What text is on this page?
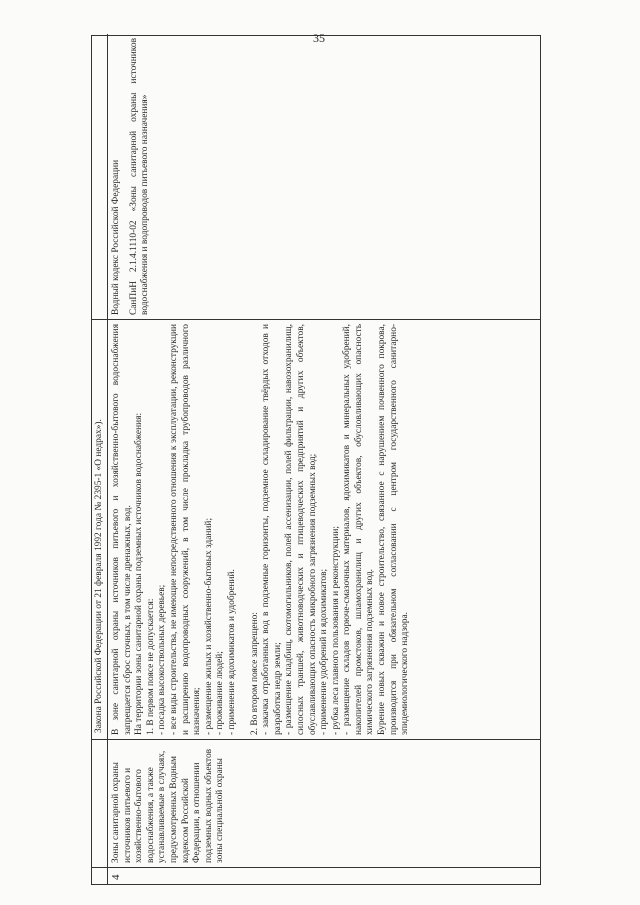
35
Закона Российской Федерации от 21 февраля 1992 года № 2395-1 «О недрах»).
4

Зоны санитарной охраны источников питьевого и хозяйственно-бытового водоснабжения, а также устанавливаемые в случаях, предусмотренных Водным кодексом Российской Федерации, в отношении подземных водных объектов зоны специальной охраны

В зоне санитарной охраны источников питьевого и хозяйственно-бытового водоснабжения запрещается сброс сточных, в том числе дренажных, вод. На территории зоны санитарной охраны подземных источников водоснабжения: 1. В первом поясе не допускается: - посадка высокоствольных деревьев; - все виды строительства, не имеющие непосредственного отношения к эксплуатации, реконструкции и расширению водопроводных сооружений, в том числе прокладка трубопроводов различного назначения; - размещение жилых и хозяйственно-бытовых зданий; - проживание людей; - применение ядохимикатов и удобрений. 2. Во втором поясе запрещено: - закачка отработанных вод в подземные горизонты, подземное складирование твёрдых отходов и разработка недр земли; - размещение кладбищ, скотомогильников, полей ассенизации, полей фильтрации, навозохранилищ, силосных траншей, животноводческих и птицеводческих предприятий и других объектов, обуславливающих опасность микробного загрязнения подземных вод; - применение удобрений и ядохимикатов; - рубка леса главного пользования и реконструкции; - размещение складов горюче-смазочных материалов, ядохимикатов и минеральных удобрений, накопителей промстоков, шламохранилищ и других объектов, обусловливающих опасность химического загрязнения подземных вод. Бурение новых скважин и новое строительство, связанное с нарушением почвенного покрова, производится при обязательном согласовании с центром государственного санитарно-эпидемиологического надзора.

Водный кодекс Российской Федерации СанПиН 2.1.4.1110-02 «Зоны санитарной охраны источников водоснабжения и водопроводов питьевого назначения»
